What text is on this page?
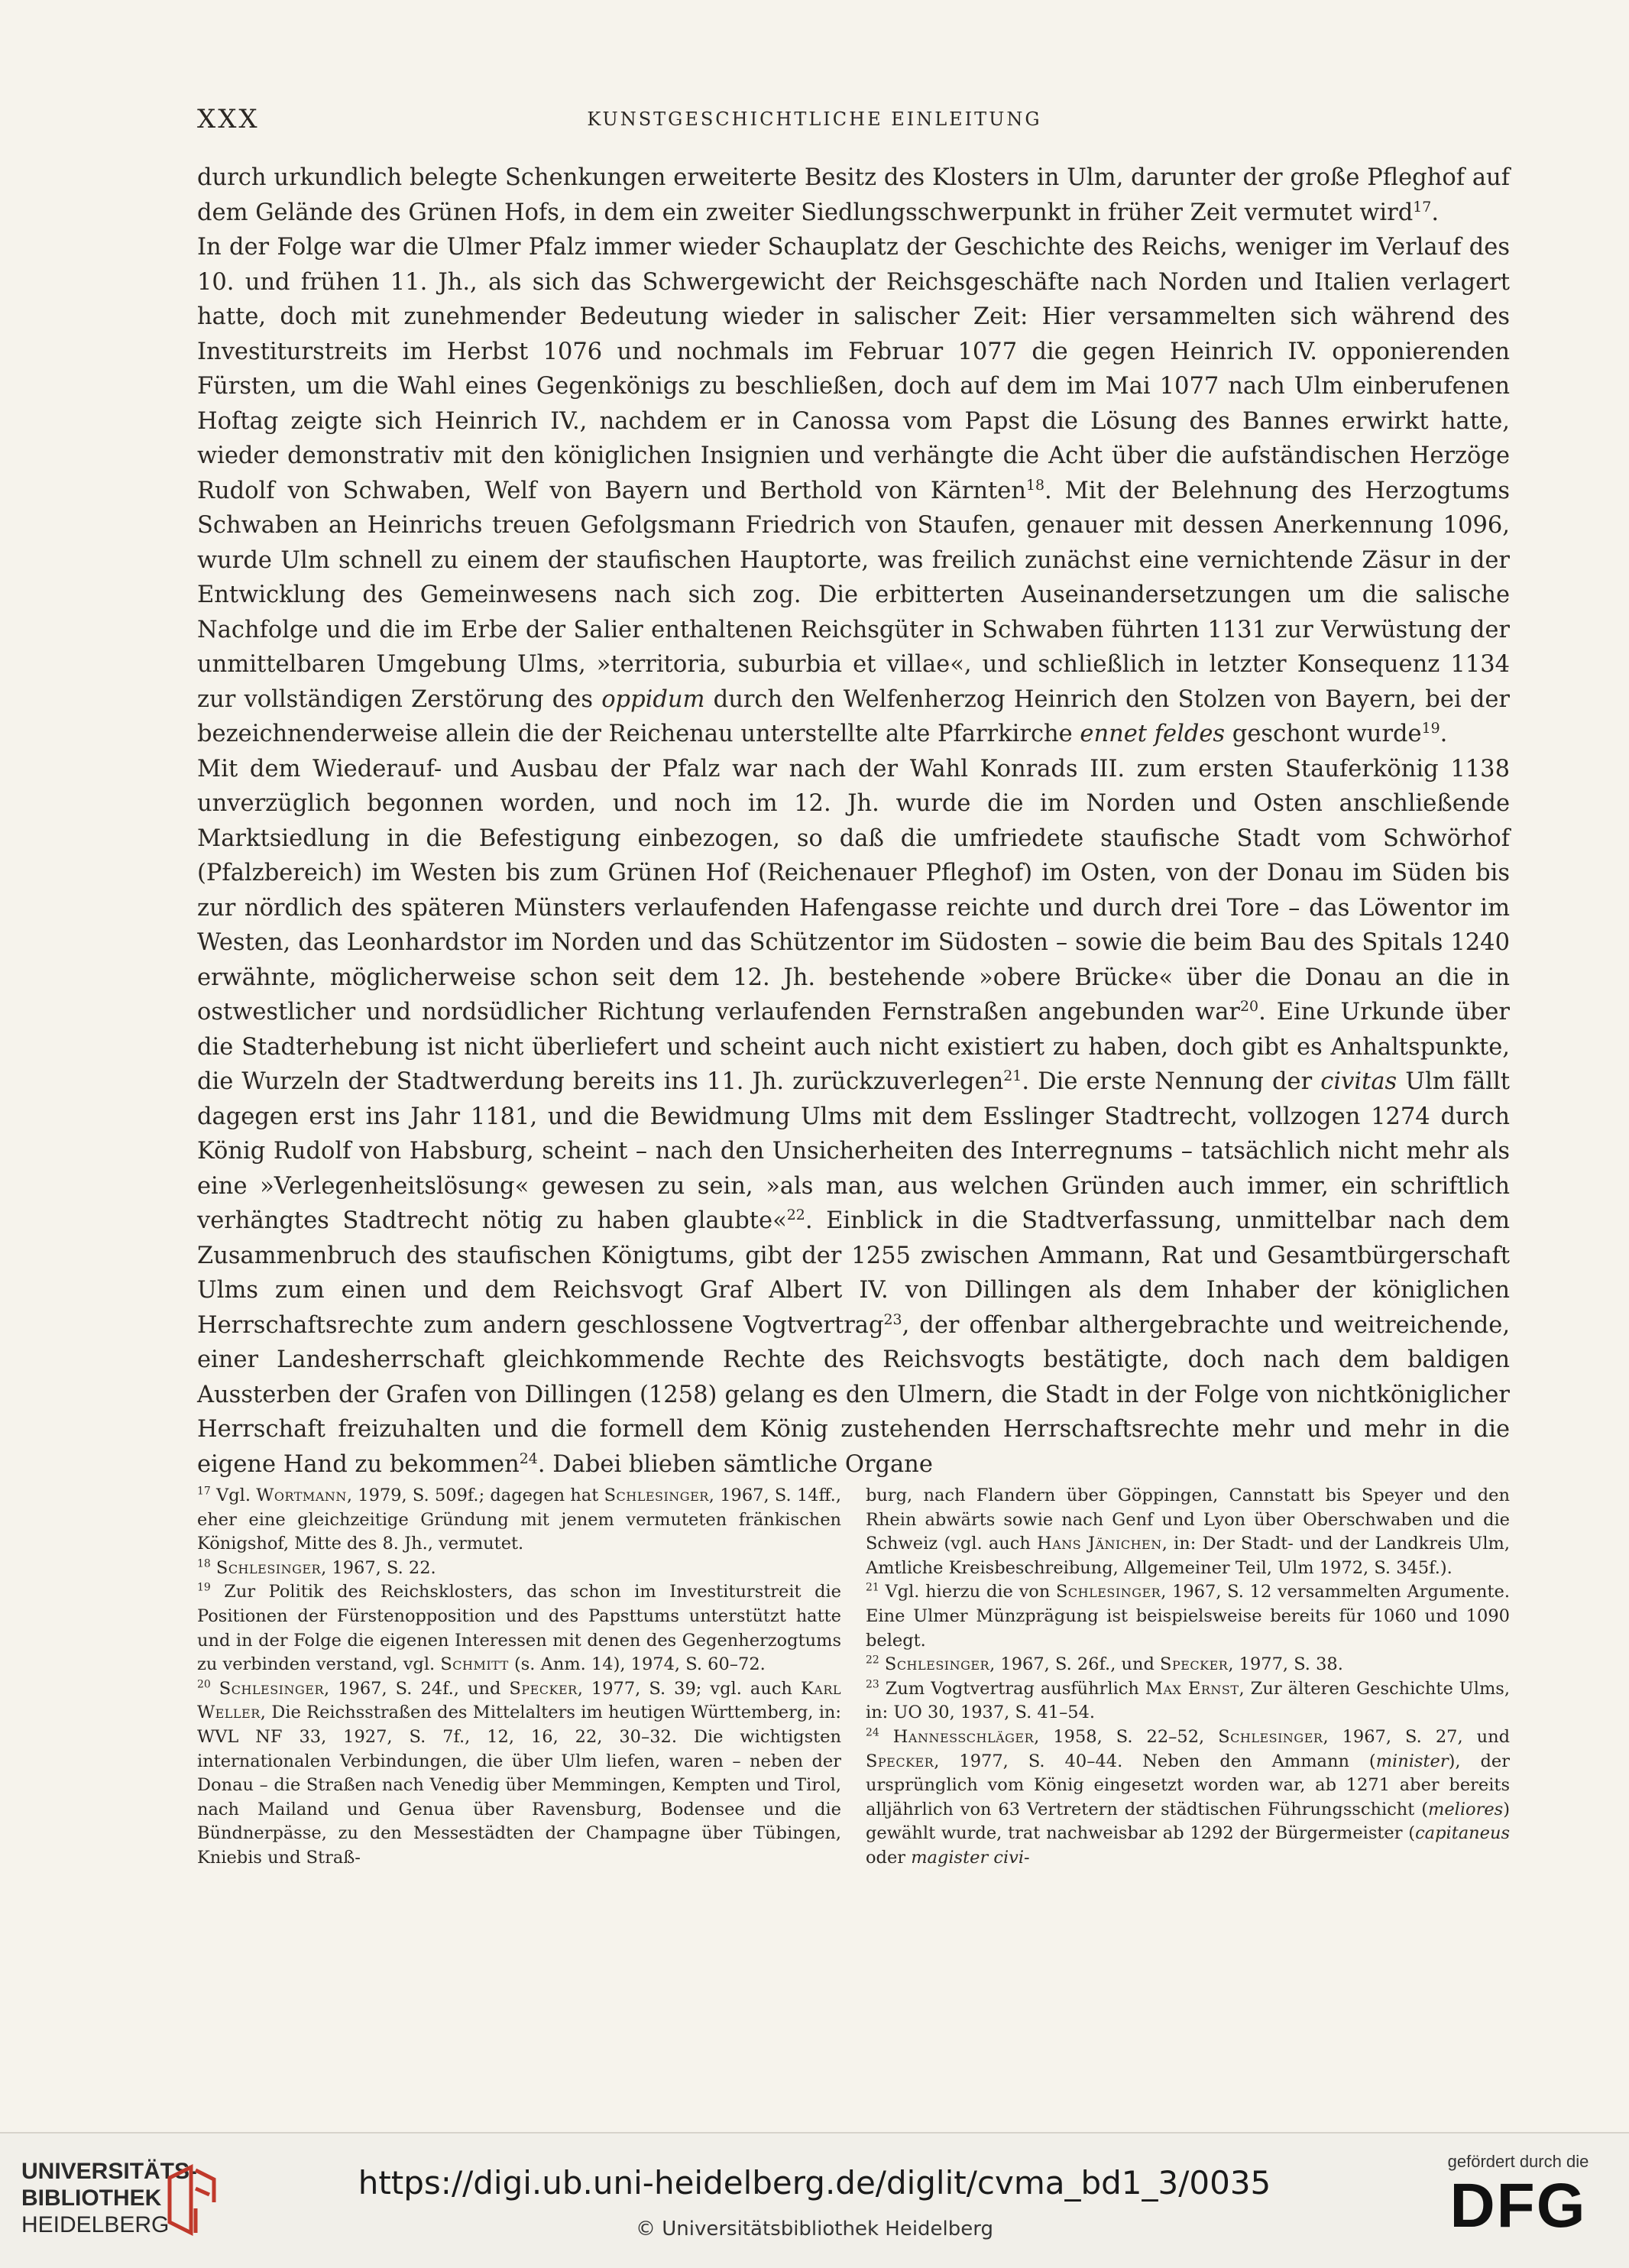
XXX	KUNSTGESCHICHTLICHE EINLEITUNG

durch urkundlich belegte Schenkungen erweiterte Besitz des Klosters in Ulm, darunter der große Pfleghof auf dem Gelände des Grünen Hofs, in dem ein zweiter Siedlungsschwerpunkt in früher Zeit vermutet wird$^{17}$.

In der Folge war die Ulmer Pfalz immer wieder Schauplatz der Geschichte des Reichs, weniger im Verlauf des 10. und frühen 11. Jh., als sich das Schwergewicht der Reichsgeschäfte nach Norden und Italien verlagert hatte, doch mit zunehmender Bedeutung wieder in salischer Zeit: Hier versammelten sich während des Investiturstreits im Herbst 1076 und nochmals im Februar 1077 die gegen Heinrich IV. opponierenden Fürsten, um die Wahl eines Gegenkönigs zu beschließen, doch auf dem im Mai 1077 nach Ulm einberufenen Hoftag zeigte sich Heinrich IV., nachdem er in Canossa vom Papst die Lösung des Bannes erwirkt hatte, wieder demonstrativ mit den königlichen Insignien und verhängte die Acht über die aufständischen Herzöge Rudolf von Schwaben, Welf von Bayern und Berthold von Kärnten$^{18}$. Mit der Belehnung des Herzogtums Schwaben an Heinrichs treuen Gefolgsmann Friedrich von Staufen, genauer mit dessen Anerkennung 1096, wurde Ulm schnell zu einem der staufischen Hauptorte, was freilich zunächst eine vernichtende Zäsur in der Entwicklung des Gemeinwesens nach sich zog. Die erbitterten Auseinandersetzungen um die salische Nachfolge und die im Erbe der Salier enthaltenen Reichsgüter in Schwaben führten 1131 zur Verwüstung der unmittelbaren Umgebung Ulms, »territoria, suburbia et villae«, und schließlich in letzter Konsequenz 1134 zur vollständigen Zerstörung des oppidum durch den Welfenherzog Heinrich den Stolzen von Bayern, bei der bezeichnenderweise allein die der Reichenau unterstellte alte Pfarrkirche ennet feldes geschont wurde$^{19}$.

Mit dem Wiederauf- und Ausbau der Pfalz war nach der Wahl Konrads III. zum ersten Stauferkönig 1138 unverzüglich begonnen worden, und noch im 12. Jh. wurde die im Norden und Osten anschließende Marktsiedlung in die Befestigung einbezogen, so daß die umfriedete staufische Stadt vom Schwörhof (Pfalzbereich) im Westen bis zum Grünen Hof (Reichenauer Pfleghof) im Osten, von der Donau im Süden bis zur nördlich des späteren Münsters verlaufenden Hafengasse reichte und durch drei Tore – das Löwentor im Westen, das Leonhardstor im Norden und das Schützentor im Südosten – sowie die beim Bau des Spitals 1240 erwähnte, möglicherweise schon seit dem 12. Jh. bestehende »obere Brücke« über die Donau an die in ostwestlicher und nordsüdlicher Richtung verlaufenden Fernstraßen angebunden war$^{20}$. Eine Urkunde über die Stadterhebung ist nicht überliefert und scheint auch nicht existiert zu haben, doch gibt es Anhaltspunkte, die Wurzeln der Stadtwerdung bereits ins 11. Jh. zurückzuverlegen$^{21}$. Die erste Nennung der civitas Ulm fällt dagegen erst ins Jahr 1181, und die Bewidmung Ulms mit dem Esslinger Stadtrecht, vollzogen 1274 durch König Rudolf von Habsburg, scheint – nach den Unsicherheiten des Interregnums – tatsächlich nicht mehr als eine »Verlegenheitslösung« gewesen zu sein, »als man, aus welchen Gründen auch immer, ein schriftlich verhängtes Stadtrecht nötig zu haben glaubte«$^{22}$. Einblick in die Stadtverfassung, unmittelbar nach dem Zusammenbruch des staufischen Königtums, gibt der 1255 zwischen Ammann, Rat und Gesamtbürgerschaft Ulms zum einen und dem Reichsvogt Graf Albert IV. von Dillingen als dem Inhaber der königlichen Herrschaftsrechte zum andern geschlossene Vogtvertrag$^{23}$, der offenbar althergebrachte und weitreichende, einer Landesherrschaft gleichkommende Rechte des Reichsvogts bestätigte, doch nach dem baldigen Aussterben der Grafen von Dillingen (1258) gelang es den Ulmern, die Stadt in der Folge von nichtköniglicher Herrschaft freizuhalten und die formell dem König zustehenden Herrschaftsrechte mehr und mehr in die eigene Hand zu bekommen$^{24}$. Dabei blieben sämtliche Organe

$^{17}$ Vgl. Wortmann, 1979, S. 509f.; dagegen hat Schlesinger, 1967, S. 14ff., eher eine gleichzeitige Gründung mit jenem vermuteten fränkischen Königshof, Mitte des 8. Jh., vermutet.

$^{18}$ Schlesinger, 1967, S. 22.

$^{19}$ Zur Politik des Reichsklosters, das schon im Investiturstreit die Positionen der Fürstenopposition und des Papsttums unterstützt hatte und in der Folge die eigenen Interessen mit denen des Gegenherzogtums zu verbinden verstand, vgl. Schmitt (s. Anm. 14), 1974, S. 60–72.

$^{20}$ Schlesinger, 1967, S. 24f., und Specker, 1977, S. 39; vgl. auch Karl Weller, Die Reichsstraßen des Mittelalters im heutigen Württemberg, in: WVL NF 33, 1927, S. 7f., 12, 16, 22, 30–32. Die wichtigsten internationalen Verbindungen, die über Ulm liefen, waren – neben der Donau – die Straßen nach Venedig über Memmingen, Kempten und Tirol, nach Mailand und Genua über Ravensburg, Bodensee und die Bündnerpässe, zu den Messestädten der Champagne über Tübingen, Kniebis und Straß-

burg, nach Flandern über Göppingen, Cannstatt bis Speyer und den Rhein abwärts sowie nach Genf und Lyon über Oberschwaben und die Schweiz (vgl. auch Hans Jänichen, in: Der Stadt- und der Landkreis Ulm, Amtliche Kreisbeschreibung, Allgemeiner Teil, Ulm 1972, S. 345f.).

$^{21}$ Vgl. hierzu die von Schlesinger, 1967, S. 12 versammelten Argumente. Eine Ulmer Münzprägung ist beispielsweise bereits für 1060 und 1090 belegt.

$^{22}$ Schlesinger, 1967, S. 26f., und Specker, 1977, S. 38.

$^{23}$ Zum Vogtvertrag ausführlich Max Ernst, Zur älteren Geschichte Ulms, in: UO 30, 1937, S. 41–54.

$^{24}$ Hannesschläger, 1958, S. 22–52, Schlesinger, 1967, S. 27, und Specker, 1977, S. 40–44. Neben den Ammann (minister), der ursprünglich vom König eingesetzt worden war, ab 1271 aber bereits alljährlich von 63 Vertretern der städtischen Führungsschicht (meliores) gewählt wurde, trat nachweisbar ab 1292 der Bürgermeister (capitaneus oder magister civi-

UNIVERSITÄTS-
BIBLIOTHEK
HEIDELBERG
https://digi.ub.uni-heidelberg.de/diglit/cvma_bd1_3/0035
© Universitätsbibliothek Heidelberg
gefördert durch die
DFG
